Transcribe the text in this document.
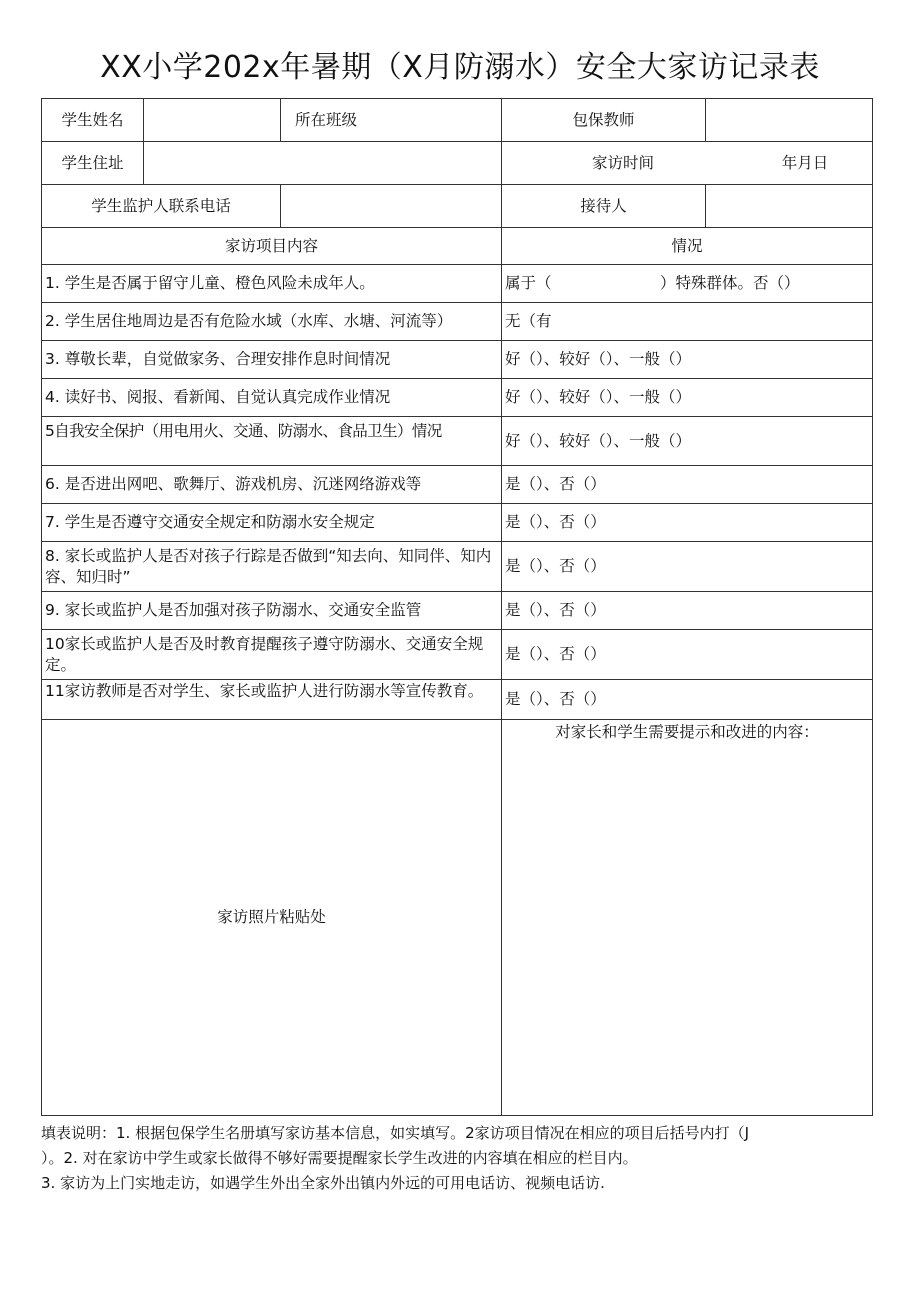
XX小学202x年暑期（X月防溺水）安全大家访记录表
学生姓名		所在班级	包保教师	
学生住址			家访时间 年月日	

学生监护人联系电话			接待人	
家访项目内容			情况	
1. 学生是否属于留守儿童、橙色风险未成年人。			属于（　　　　　　　）特殊群体。否（）	
2. 学生居住地周边是否有危险水域（水库、水塘、河流等）			无（有	
3. 尊敬长辈，自觉做家务、合理安排作息时间情况			好（）、较好（）、一般（）	
4. 读好书、阅报、看新闻、自觉认真完成作业情况			好（）、较好（）、一般（）	
5自我安全保护（用电用火、交通、防溺水、食品卫生）情况			好（）、较好（）、一般（）	
6. 是否进出网吧、歌舞厅、游戏机房、沉迷网络游戏等			是（）、否（）	
7. 学生是否遵守交通安全规定和防溺水安全规定			是（）、否（）	
8. 家长或监护人是否对孩子行踪是否做到“知去向、知同伴、知内容、知归时”			是（）、否（）	
9. 家长或监护人是否加强对孩子防溺水、交通安全监管			是（）、否（）	
10家长或监护人是否及时教育提醒孩子遵守防溺水、交通安全规定。			是（）、否（）	

11家访教师是否对学生、家长或监护人进行防溺水等宣传教育。			是（）、否（）	
家访照片粘贴处			对家长和学生需要提示和改进的内容：	

填表说明：1. 根据包保学生名册填写家访基本信息，如实填写。2家访项目情况在相应的项目后括号内打（J

）。2. 对在家访中学生或家长做得不够好需要提醒家长学生改进的内容填在相应的栏目内。

3. 家访为上门实地走访，如遇学生外出全家外出镇内外远的可用电话访、视频电话访.
